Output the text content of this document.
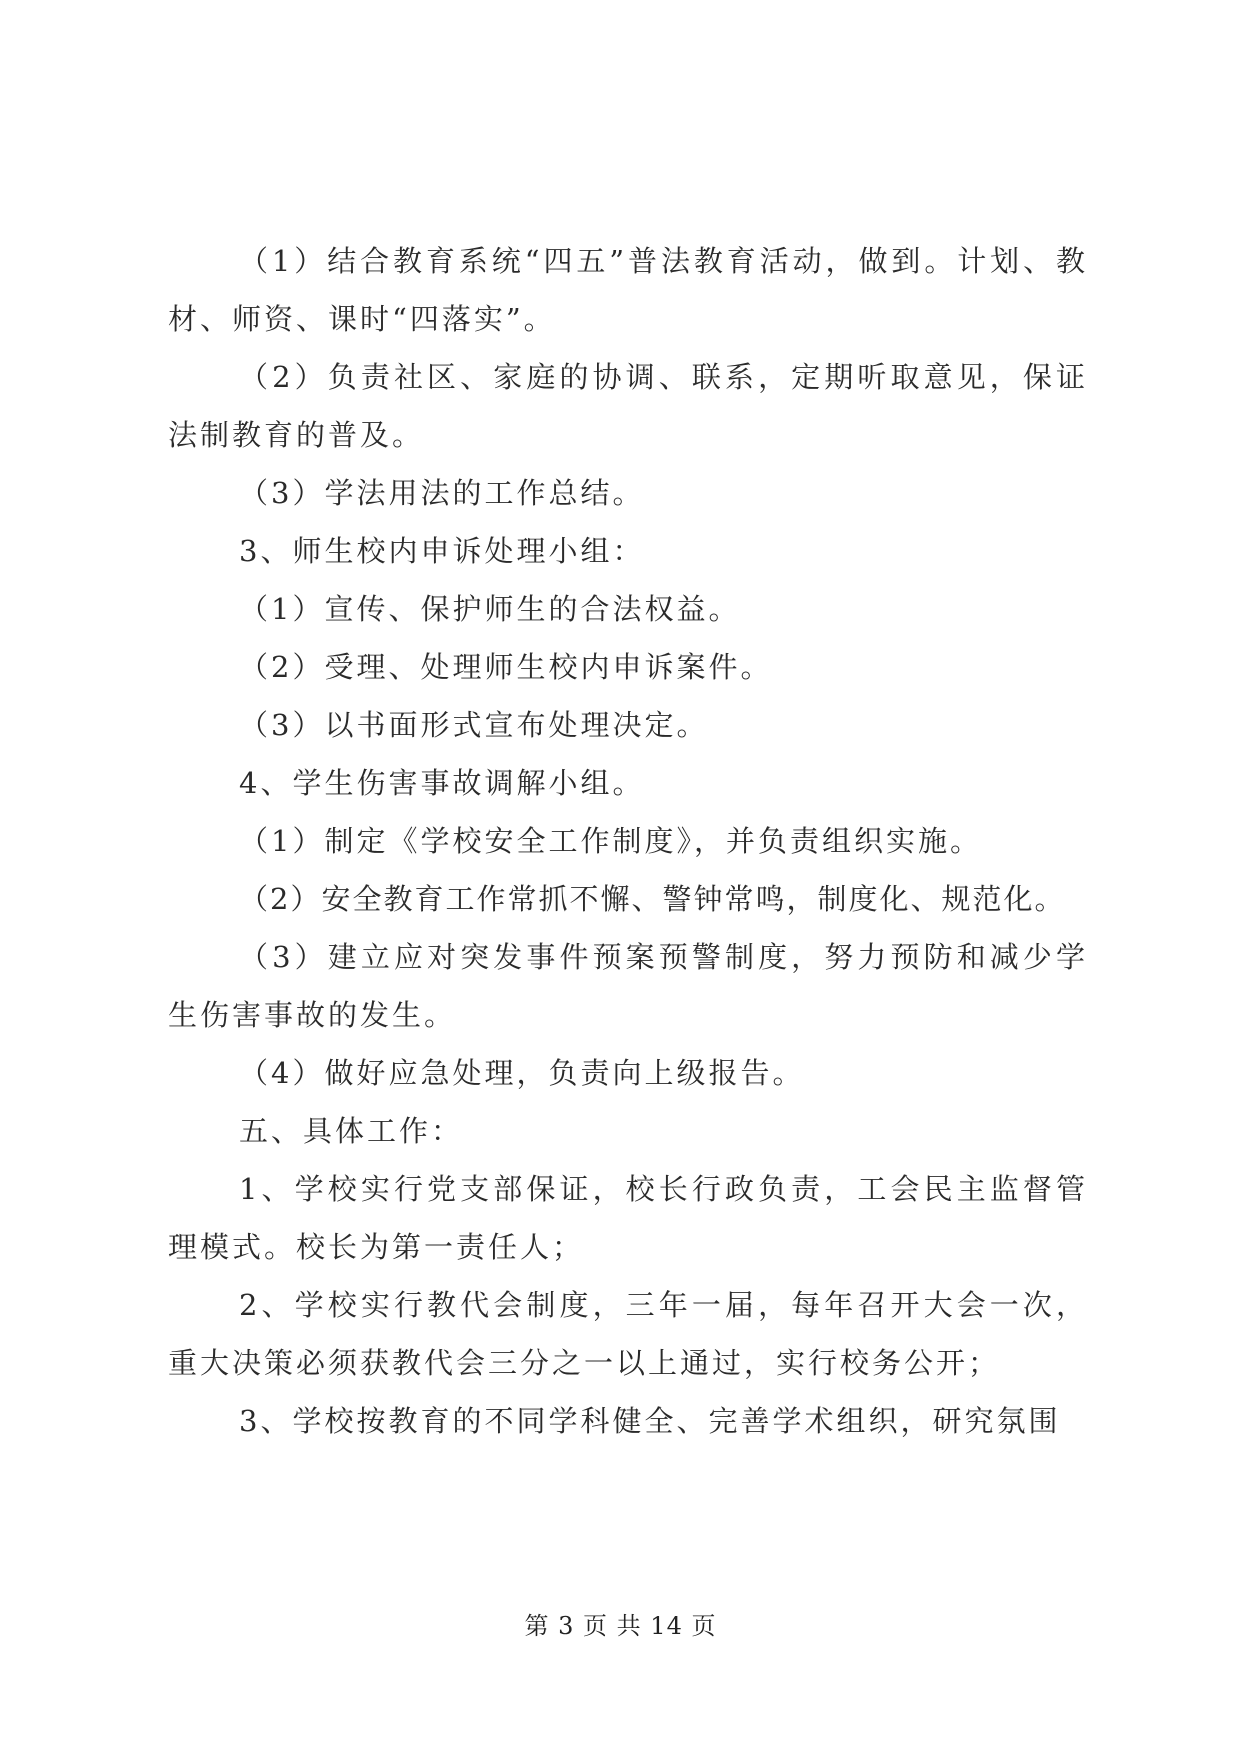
（1）结合教育系统“四五”普法教育活动，做到。计划、教材、师资、课时“四落实”。

（2）负责社区、家庭的协调、联系，定期听取意见，保证法制教育的普及。

（3）学法用法的工作总结。

3、师生校内申诉处理小组：

（1）宣传、保护师生的合法权益。

（2）受理、处理师生校内申诉案件。

（3）以书面形式宣布处理决定。

4、学生伤害事故调解小组。

（1）制定《学校安全工作制度》，并负责组织实施。

（2）安全教育工作常抓不懈、警钟常鸣，制度化、规范化。

（3）建立应对突发事件预案预警制度，努力预防和减少学生伤害事故的发生。

（4）做好应急处理，负责向上级报告。

五、具体工作：

1、学校实行党支部保证，校长行政负责，工会民主监督管理模式。校长为第一责任人；

2、学校实行教代会制度，三年一届，每年召开大会一次，重大决策必须获教代会三分之一以上通过，实行校务公开；

3、学校按教育的不同学科健全、完善学术组织，研究氛围

第 3 页 共 14 页
